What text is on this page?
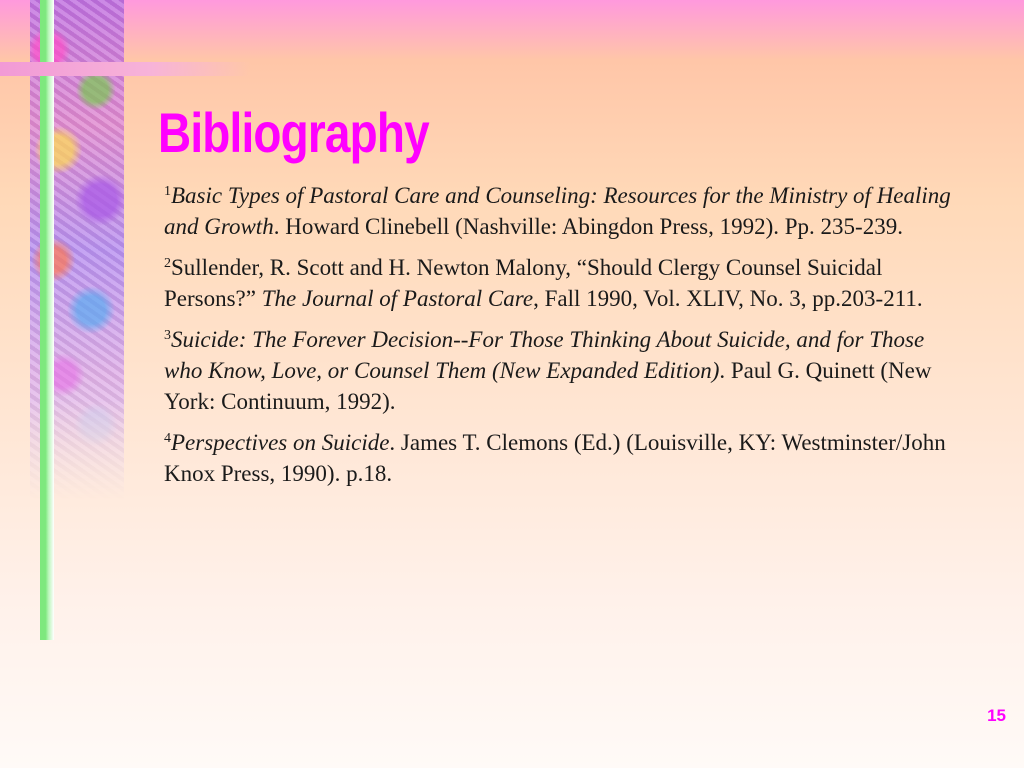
Bibliography

$^1$Basic Types of Pastoral Care and Counseling: Resources for the Ministry of Healing and Growth. Howard Clinebell (Nashville: Abingdon Press, 1992). Pp. 235-239.

$^2$Sullender, R. Scott and H. Newton Malony, “Should Clergy Counsel Suicidal Persons?” The Journal of Pastoral Care, Fall 1990, Vol. XLIV, No. 3, pp.203-211.

$^3$Suicide: The Forever Decision--For Those Thinking About Suicide, and for Those who Know, Love, or Counsel Them (New Expanded Edition). Paul G. Quinett (New York: Continuum, 1992).

$^4$Perspectives on Suicide. James T. Clemons (Ed.) (Louisville, KY: Westminster/John Knox Press, 1990). p.18.

15
